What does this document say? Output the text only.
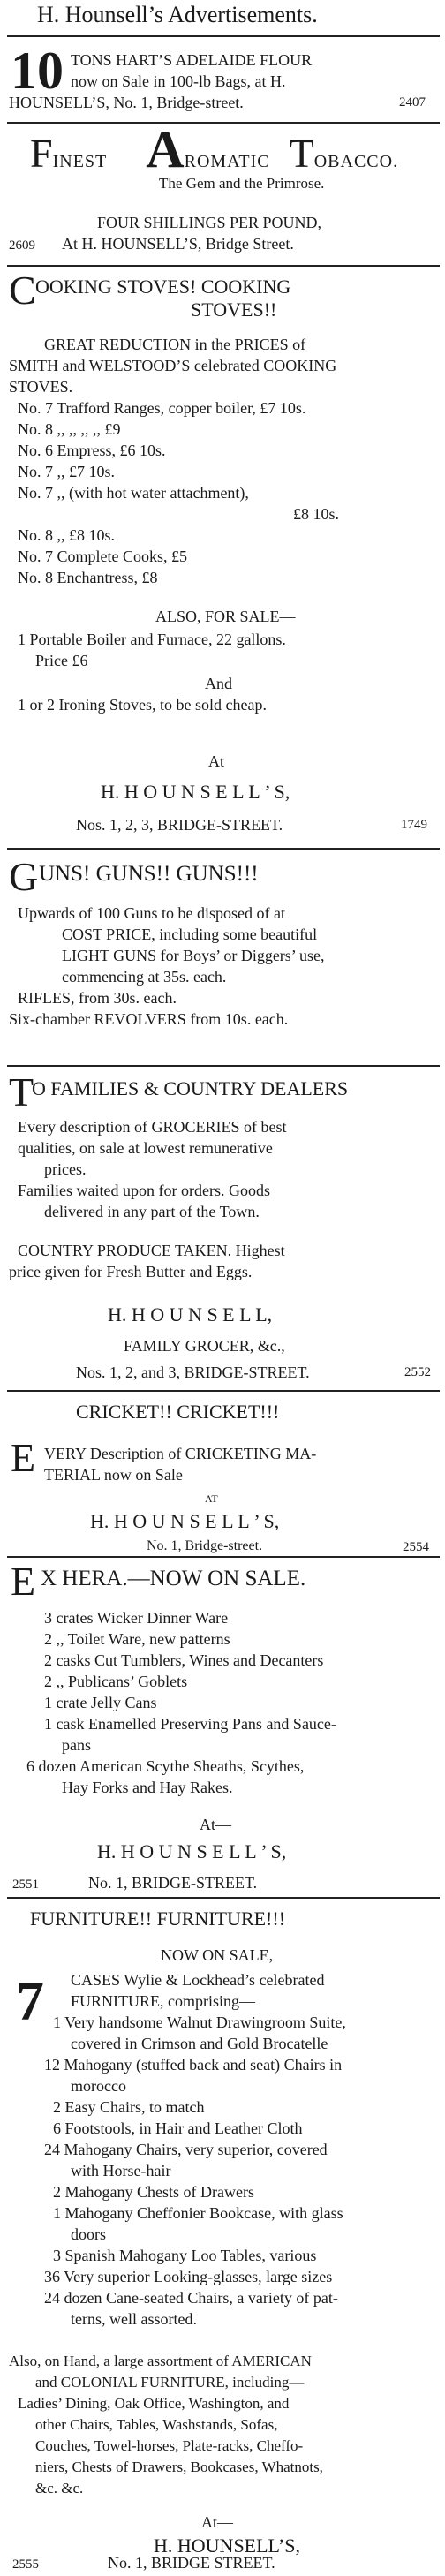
H. Hounsell’s Advertisements.
10 TONS HART’S ADELAIDE FLOUR
now on Sale in 100-lb Bags, at H.
HOUNSELL’S, No. 1, Bridge-street.	2407
FINEST AROMATIC TOBACCO.
The Gem and the Primrose.
FOUR SHILLINGS PER POUND,
2609 At H. HOUNSELL’S, Bridge Street.
C OOKING STOVES! COOKING
STOVES!!
GREAT REDUCTION in the PRICES of
SMITH and WELSTOOD’S celebrated COOKING
STOVES.
No. 7 Trafford Ranges, copper boiler, £7 10s.
No. 8 ,, ,, ,, ,, £9
No. 6 Empress, £6 10s.
No. 7 ,, £7 10s.
No. 7 ,, (with hot water attachment),
£8 10s.
No. 8 ,, £8 10s.
No. 7 Complete Cooks, £5
No. 8 Enchantress, £8
ALSO, FOR SALE—
1 Portable Boiler and Furnace, 22 gallons.
Price £6
And
1 or 2 Ironing Stoves, to be sold cheap.
At
H. H O U N S E L L ’ S,
Nos. 1, 2, 3, BRIDGE-STREET.	1749
G UNS! GUNS!! GUNS!!!
Upwards of 100 Guns to be disposed of at
COST PRICE, including some beautiful
LIGHT GUNS for Boys’ or Diggers’ use,
commencing at 35s. each.
RIFLES, from 30s. each.
Six-chamber REVOLVERS from 10s. each.
T
O FAMILIES & COUNTRY DEALERS
Every description of GROCERIES of best
qualities, on sale at lowest remunerative
prices.
Families waited upon for orders. Goods
delivered in any part of the Town.
COUNTRY PRODUCE TAKEN. Highest
price given for Fresh Butter and Eggs.
H. H O U N S E L L,
FAMILY GROCER, &c.,
Nos. 1, 2, and 3, BRIDGE-STREET.	2552
CRICKET!! CRICKET!!!
E VERY Description of CRICKETING MA-
TERIAL now on Sale
AT
H. H O U N S E L L ’ S,
No. 1, Bridge-street.	2554
E X HERA.—NOW ON SALE.
3 crates Wicker Dinner Ware
2 ,, Toilet Ware, new patterns
2 casks Cut Tumblers, Wines and Decanters
2 ,, Publicans’ Goblets
1 crate Jelly Cans
1 cask Enamelled Preserving Pans and Sauce-
pans
6 dozen American Scythe Sheaths, Scythes,
Hay Forks and Hay Rakes.
At—
H. H O U N S E L L ’ S,
2551	No. 1, BRIDGE-STREET.
FURNITURE!! FURNITURE!!!
NOW ON SALE,
7 CASES Wylie & Lockhead’s celebrated
FURNITURE, comprising—
1 Very handsome Walnut Drawingroom Suite,
covered in Crimson and Gold Brocatelle
12 Mahogany (stuffed back and seat) Chairs in
morocco
2 Easy Chairs, to match
6 Footstools, in Hair and Leather Cloth
24 Mahogany Chairs, very superior, covered
with Horse-hair
2 Mahogany Chests of Drawers
1 Mahogany Cheffonier Bookcase, with glass
doors
3 Spanish Mahogany Loo Tables, various
36 Very superior Looking-glasses, large sizes
24 dozen Cane-seated Chairs, a variety of pat-
terns, well assorted.
Also, on Hand, a large assortment of AMERICAN
and COLONIAL FURNITURE, including—
Ladies’ Dining, Oak Office, Washington, and
other Chairs, Tables, Washstands, Sofas,
Couches, Towel-horses, Plate-racks, Cheffo-
niers, Chests of Drawers, Bookcases, Whatnots,
&c. &c.
At—
H. HOUNSELL’S,
2555	No. 1, BRIDGE STREET.
